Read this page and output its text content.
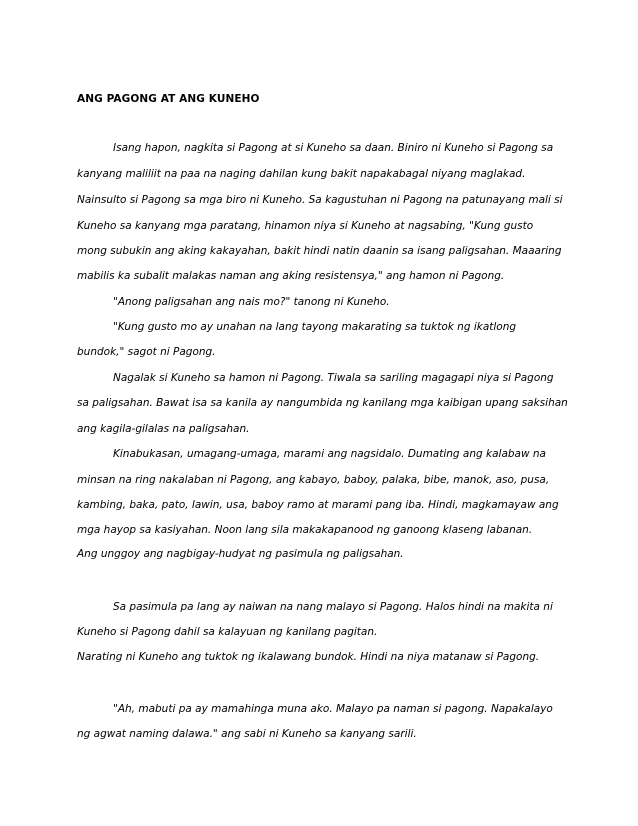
ANG PAGONG AT ANG KUNEHO
Isang hapon, nagkita si Pagong at si Kuneho sa daan. Biniro ni Kuneho si Pagong sa
kanyang maliliit na paa na naging dahilan kung bakit napakabagal niyang maglakad.
Nainsulto si Pagong sa mga biro ni Kuneho. Sa kagustuhan ni Pagong na patunayang mali si
Kuneho sa kanyang mga paratang, hinamon niya si Kuneho at nagsabing, "Kung gusto
mong subukin ang aking kakayahan, bakit hindi natin daanin sa isang paligsahan. Maaaring
mabilis ka subalit malakas naman ang aking resistensya," ang hamon ni Pagong.
"Anong paligsahan ang nais mo?" tanong ni Kuneho.
"Kung gusto mo ay unahan na lang tayong makarating sa tuktok ng ikatlong
bundok," sagot ni Pagong.
Nagalak si Kuneho sa hamon ni Pagong. Tiwala sa sariling magagapi niya si Pagong
sa paligsahan. Bawat isa sa kanila ay nangumbida ng kanilang mga kaibigan upang saksihan
ang kagila-gilalas na paligsahan.
Kinabukasan, umagang-umaga, marami ang nagsidalo. Dumating ang kalabaw na
minsan na ring nakalaban ni Pagong, ang kabayo, baboy, palaka, bibe, manok, aso, pusa,
kambing, baka, pato, lawin, usa, baboy ramo at marami pang iba. Hindi, magkamayaw ang
mga hayop sa kasiyahan. Noon lang sila makakapanood ng ganoong klaseng labanan.
Ang unggoy ang nagbigay-hudyat ng pasimula ng paligsahan.
Sa pasimula pa lang ay naiwan na nang malayo si Pagong. Halos hindi na makita ni
Kuneho si Pagong dahil sa kalayuan ng kanilang pagitan.
Narating ni Kuneho ang tuktok ng ikalawang bundok. Hindi na niya matanaw si Pagong.
"Ah, mabuti pa ay mamahinga muna ako. Malayo pa naman si pagong. Napakalayo
ng agwat naming dalawa." ang sabi ni Kuneho sa kanyang sarili.
